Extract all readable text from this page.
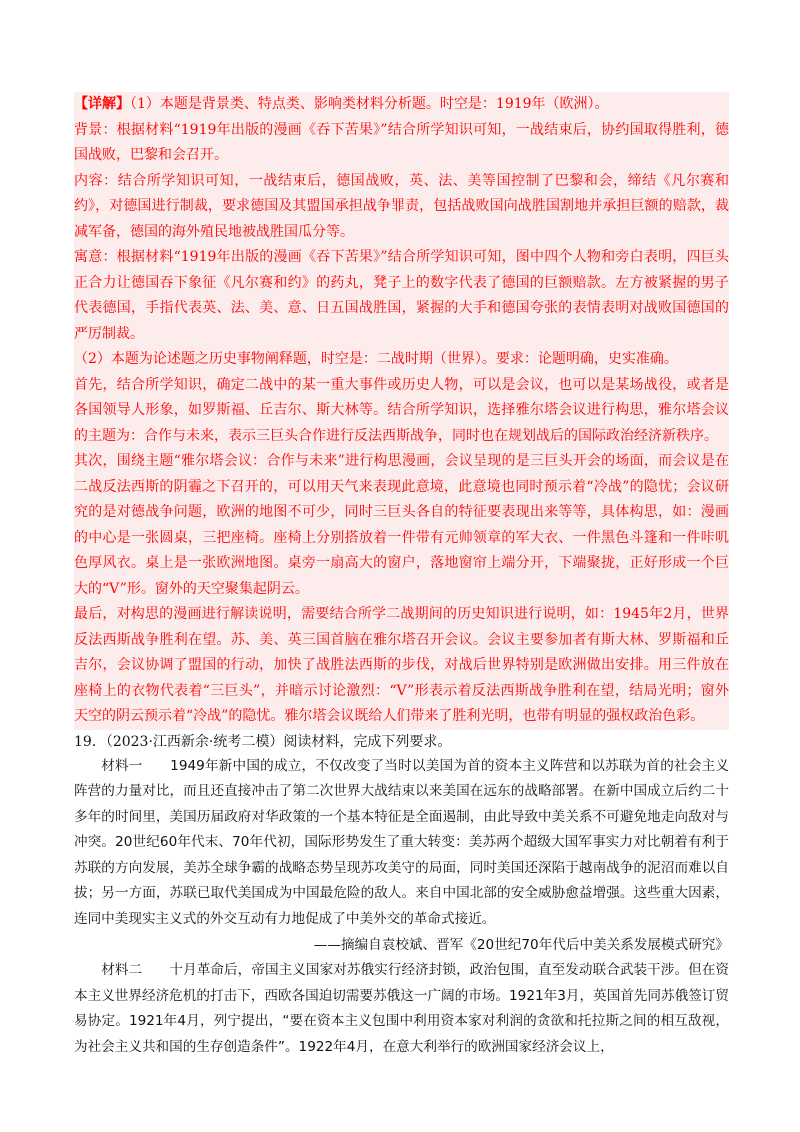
【详解】（1）本题是背景类、特点类、影响类材料分析题。时空是：1919年（欧洲）。

背景：根据材料“1919年出版的漫画《吞下苦果》”结合所学知识可知，一战结束后，协约国取得胜利，德国战败，巴黎和会召开。

内容：结合所学知识可知，一战结束后，德国战败，英、法、美等国控制了巴黎和会，缔结《凡尔赛和约》，对德国进行制裁，要求德国及其盟国承担战争罪责，包括战败国向战胜国割地并承担巨额的赔款，裁减军备，德国的海外殖民地被战胜国瓜分等。

寓意：根据材料“1919年出版的漫画《吞下苦果》”结合所学知识可知，图中四个人物和旁白表明，四巨头正合力让德国吞下象征《凡尔赛和约》的药丸，凳子上的数字代表了德国的巨额赔款。左方被紧握的男子代表德国，手指代表英、法、美、意、日五国战胜国，紧握的大手和德国夸张的表情表明对战败国德国的严厉制裁。

（2）本题为论述题之历史事物阐释题，时空是：二战时期（世界）。要求：论题明确，史实准确。

首先，结合所学知识，确定二战中的某一重大事件或历史人物，可以是会议，也可以是某场战役，或者是各国领导人形象，如罗斯福、丘吉尔、斯大林等。结合所学知识，选择雅尔塔会议进行构思，雅尔塔会议的主题为：合作与未来，表示三巨头合作进行反法西斯战争，同时也在规划战后的国际政治经济新秩序。

其次，围绕主题“雅尔塔会议：合作与未来”进行构思漫画，会议呈现的是三巨头开会的场面，而会议是在二战反法西斯的阴霾之下召开的，可以用天气来表现此意境，此意境也同时预示着“冷战”的隐忧；会议研究的是对德战争问题，欧洲的地图不可少，同时三巨头各自的特征要表现出来等等，具体构思，如：漫画的中心是一张圆桌，三把座椅。座椅上分别搭放着一件带有元帅领章的军大衣、一件黑色斗篷和一件咔叽色厚风衣。桌上是一张欧洲地图。桌旁一扇高大的窗户，落地窗帘上端分开，下端聚拢，正好形成一个巨大的“V”形。窗外的天空聚集起阴云。

最后，对构思的漫画进行解读说明，需要结合所学二战期间的历史知识进行说明，如：1945年2月，世界反法西斯战争胜利在望。苏、美、英三国首脑在雅尔塔召开会议。会议主要参加者有斯大林、罗斯福和丘吉尔，会议协调了盟国的行动，加快了战胜法西斯的步伐，对战后世界特别是欧洲做出安排。用三件放在座椅上的衣物代表着“三巨头”，并暗示讨论激烈：“V”形表示着反法西斯战争胜利在望，结局光明；窗外天空的阴云预示着“冷战”的隐忧。雅尔塔会议既给人们带来了胜利光明，也带有明显的强权政治色彩。

19．（2023·江西新余·统考二模）阅读材料，完成下列要求。

材料一　　1949年新中国的成立，不仅改变了当时以美国为首的资本主义阵营和以苏联为首的社会主义阵营的力量对比，而且还直接冲击了第二次世界大战结束以来美国在远东的战略部署。在新中国成立后约二十多年的时间里，美国历届政府对华政策的一个基本特征是全面遏制，由此导致中美关系不可避免地走向敌对与冲突。20世纪60年代末、70年代初，国际形势发生了重大转变：美苏两个超级大国军事实力对比朝着有利于苏联的方向发展，美苏全球争霸的战略态势呈现苏攻美守的局面，同时美国还深陷于越南战争的泥沼而难以自拔；另一方面，苏联已取代美国成为中国最危险的敌人。来自中国北部的安全威胁愈益增强。这些重大因素，连同中美现实主义式的外交互动有力地促成了中美外交的革命式接近。

——摘编自袁校斌、晋军《20世纪70年代后中美关系发展模式研究》

材料二　　十月革命后，帝国主义国家对苏俄实行经济封锁，政治包围，直至发动联合武装干涉。但在资本主义世界经济危机的打击下，西欧各国迫切需要苏俄这一广阔的市场。1921年3月，英国首先同苏俄签订贸易协定。1921年4月，列宁提出，“要在资本主义包围中利用资本家对利润的贪欲和托拉斯之间的相互敌视，为社会主义共和国的生存创造条件”。1922年4月，在意大利举行的欧洲国家经济会议上，
